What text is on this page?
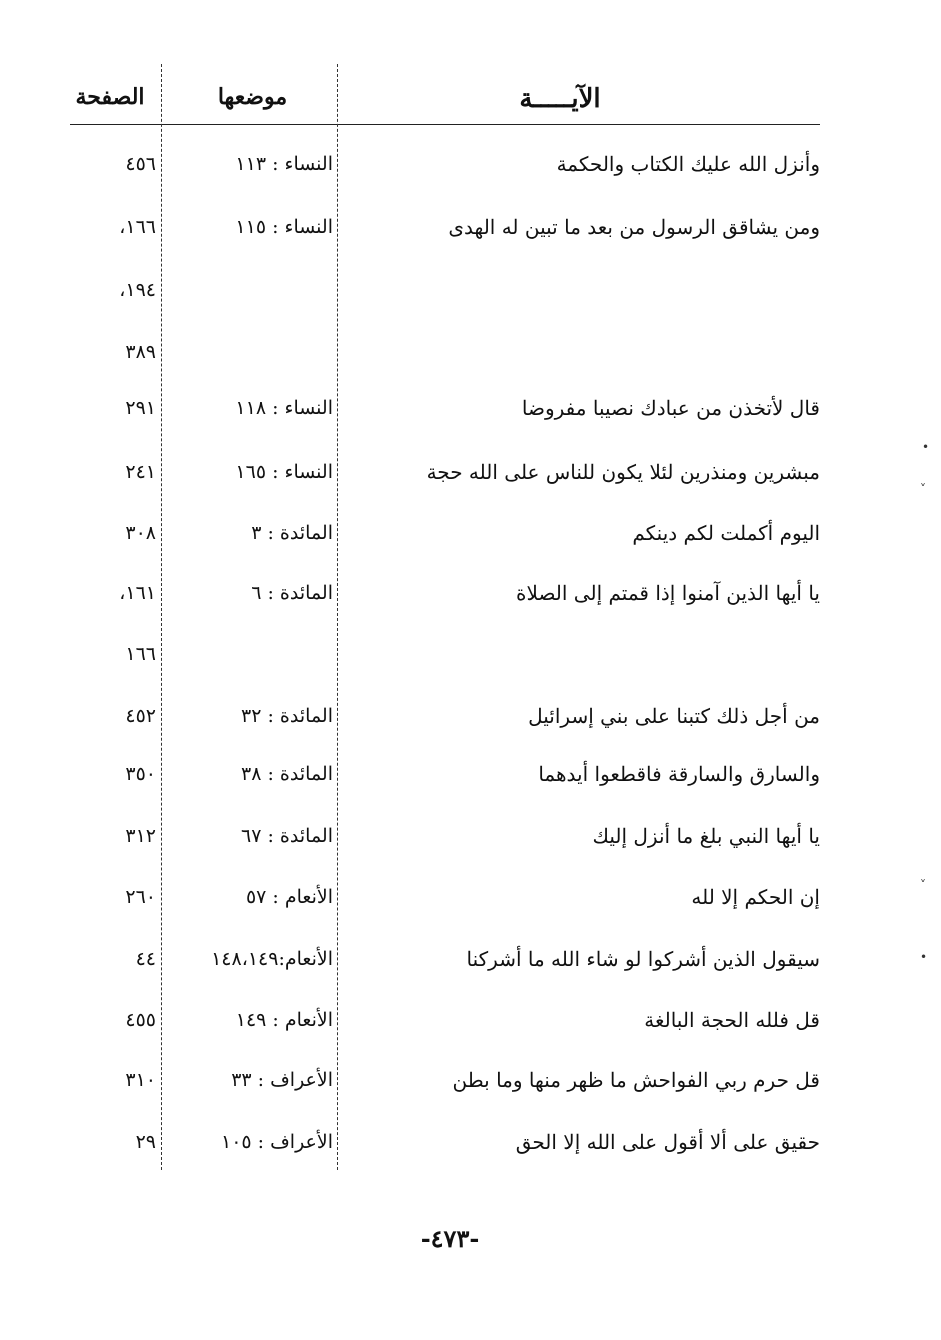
الآيـــــة
موضعها
الصفحة
وأنزل الله عليك الكتاب والحكمة
النساء : ١١٣
٤٥٦
ومن يشاقق الرسول من بعد ما تبين له الهدى
النساء : ١١٥
١٦٦،
١٩٤،
٣٨٩
قال لأتخذن من عبادك نصيبا مفروضا
النساء : ١١٨
٢٩١
مبشرين ومنذرين لئلا يكون للناس على الله حجة
النساء : ١٦٥
٢٤١
اليوم أكملت لكم دينكم
المائدة : ٣
٣٠٨
يا أيها الذين آمنوا إذا قمتم إلى الصلاة
المائدة : ٦
١٦١،
١٦٦
من أجل ذلك كتبنا على بني إسرائيل
المائدة : ٣٢
٤٥٢
والسارق والسارقة فاقطعوا أيدهما
المائدة : ٣٨
٣٥٠
يا أيها النبي بلغ ما أنزل إليك
المائدة : ٦٧
٣١٢
إن الحكم إلا لله
الأنعام : ٥٧
٢٦٠
سيقول الذين أشركوا لو شاء الله ما أشركنا
الأنعام:١٤٨،١٤٩
٤٤
قل فلله الحجة البالغة
الأنعام : ١٤٩
٤٥٥
قل حرم ربي الفواحش ما ظهر منها وما بطن
الأعراف : ٣٣
٣١٠
حقيق على ألا أقول على الله إلا الحق
الأعراف : ١٠٥
٢٩
-٤٧٣-
•
˅
˅
•
